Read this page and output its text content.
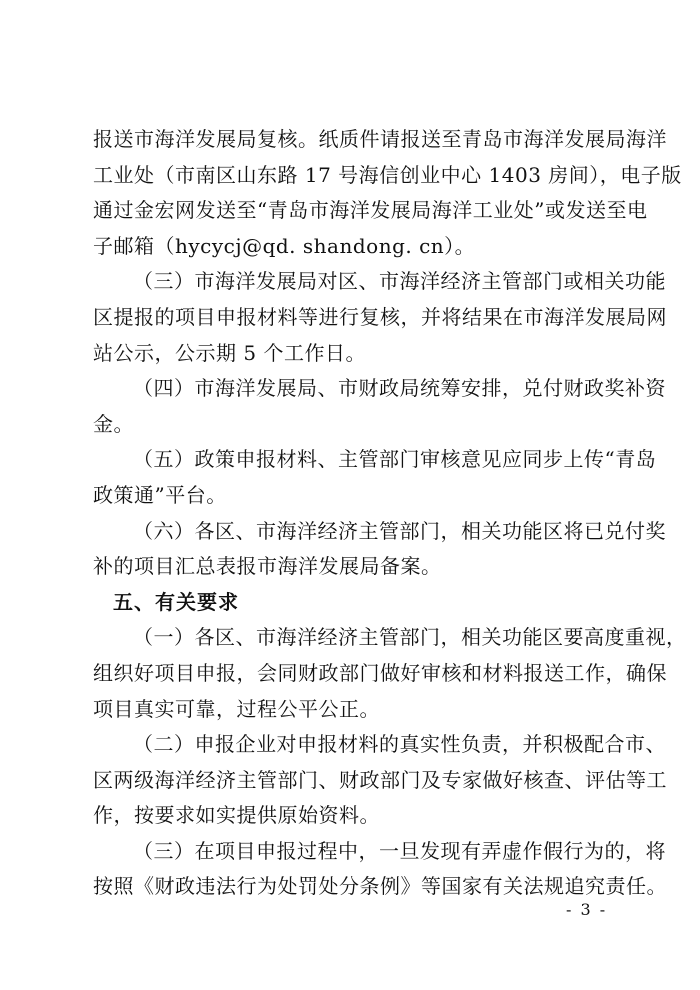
报送市海洋发展局复核。纸质件请报送至青岛市海洋发展局海洋
工业处（市南区山东路 17 号海信创业中心 1403 房间），电子版
通过金宏网发送至“青岛市海洋发展局海洋工业处”或发送至电
子邮箱（hycycj@qd. shandong. cn）。
（三）市海洋发展局对区、市海洋经济主管部门或相关功能
区提报的项目申报材料等进行复核，并将结果在市海洋发展局网
站公示，公示期 5 个工作日。
（四）市海洋发展局、市财政局统筹安排，兑付财政奖补资
金。
（五）政策申报材料、主管部门审核意见应同步上传“青岛
政策通”平台。
（六）各区、市海洋经济主管部门，相关功能区将已兑付奖
补的项目汇总表报市海洋发展局备案。
五、有关要求
（一）各区、市海洋经济主管部门，相关功能区要高度重视，
组织好项目申报，会同财政部门做好审核和材料报送工作，确保
项目真实可靠，过程公平公正。
（二）申报企业对申报材料的真实性负责，并积极配合市、
区两级海洋经济主管部门、财政部门及专家做好核查、评估等工
作，按要求如实提供原始资料。
（三）在项目申报过程中，一旦发现有弄虚作假行为的，将
按照《财政违法行为处罚处分条例》等国家有关法规追究责任。
- 3 -
